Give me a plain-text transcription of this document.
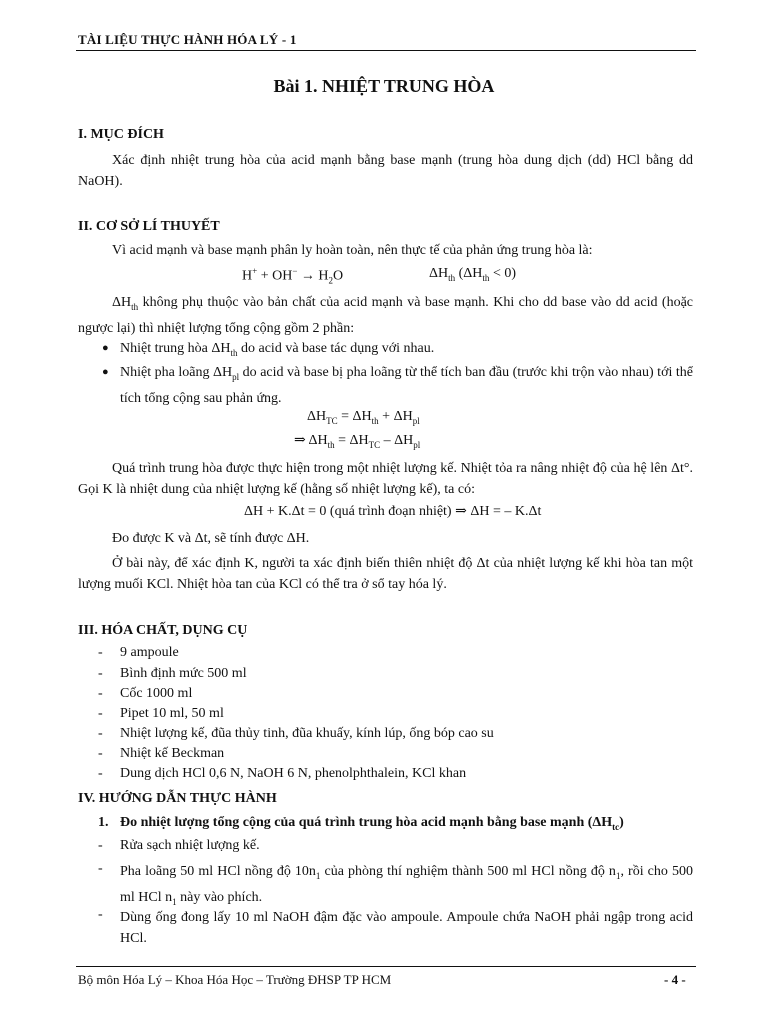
TÀI LIỆU THỰC HÀNH HÓA LÝ - 1
Bài 1. NHIỆT TRUNG HÒA
I. MỤC ĐÍCH
Xác định nhiệt trung hòa của acid mạnh bằng base mạnh (trung hòa dung dịch (dd) HCl bằng dd NaOH).
II. CƠ SỞ LÍ THUYẾT
Vì acid mạnh và base mạnh phân ly hoàn toàn, nên thực tế của phản ứng trung hòa là:
$H^+ + OH^- \to H_2O$	$\Delta H_{th}$ $(\Delta H_{th} < 0)$
$\Delta H_{th}$ không phụ thuộc vào bản chất của acid mạnh và base mạnh. Khi cho dd base vào dd acid (hoặc ngược lại) thì nhiệt lượng tổng cộng gồm 2 phần:
● Nhiệt trung hòa $\Delta H_{th}$ do acid và base tác dụng với nhau.
● Nhiệt pha loãng $\Delta H_{pl}$ do acid và base bị pha loãng từ thể tích ban đầu (trước khi trộn vào nhau) tới thể tích tổng cộng sau phản ứng.
$\Delta H_{TC} = \Delta H_{th} + \Delta H_{pl}$
⇒ $\Delta H_{th} = \Delta H_{TC} - \Delta H_{pl}$
Quá trình trung hòa được thực hiện trong một nhiệt lượng kế. Nhiệt tỏa ra nâng nhiệt độ của hệ lên Δt°. Gọi K là nhiệt dung của nhiệt lượng kế (hằng số nhiệt lượng kế), ta có:
ΔH + K.Δt = 0 (quá trình đoạn nhiệt) ⇒ ΔH = – K.Δt
Đo được K và Δt, sẽ tính được ΔH.
Ở bài này, để xác định K, người ta xác định biến thiên nhiệt độ Δt của nhiệt lượng kế khi hòa tan một lượng muối KCl. Nhiệt hòa tan của KCl có thể tra ở sổ tay hóa lý.
III. HÓA CHẤT, DỤNG CỤ
- 9 ampoule
- Bình định mức 500 ml
- Cốc 1000 ml
- Pipet 10 ml, 50 ml
- Nhiệt lượng kế, đũa thủy tinh, đũa khuấy, kính lúp, ống bóp cao su
- Nhiệt kế Beckman
- Dung dịch HCl 0,6 N, NaOH 6 N, phenolphthalein, KCl khan
IV. HƯỚNG DẪN THỰC HÀNH
1. Đo nhiệt lượng tổng cộng của quá trình trung hòa acid mạnh bằng base mạnh $(\Delta H_{tc})$
- Rửa sạch nhiệt lượng kế.
- Pha loãng 50 ml HCl nồng độ $10n_1$ của phòng thí nghiệm thành 500 ml HCl nồng độ $n_1$, rồi cho 500 ml HCl $n_1$ này vào phích.
- Dùng ống đong lấy 10 ml NaOH đậm đặc vào ampoule. Ampoule chứa NaOH phải ngập trong acid HCl.
Bộ môn Hóa Lý – Khoa Hóa Học – Trường ĐHSP TP HCM	- 4 -
